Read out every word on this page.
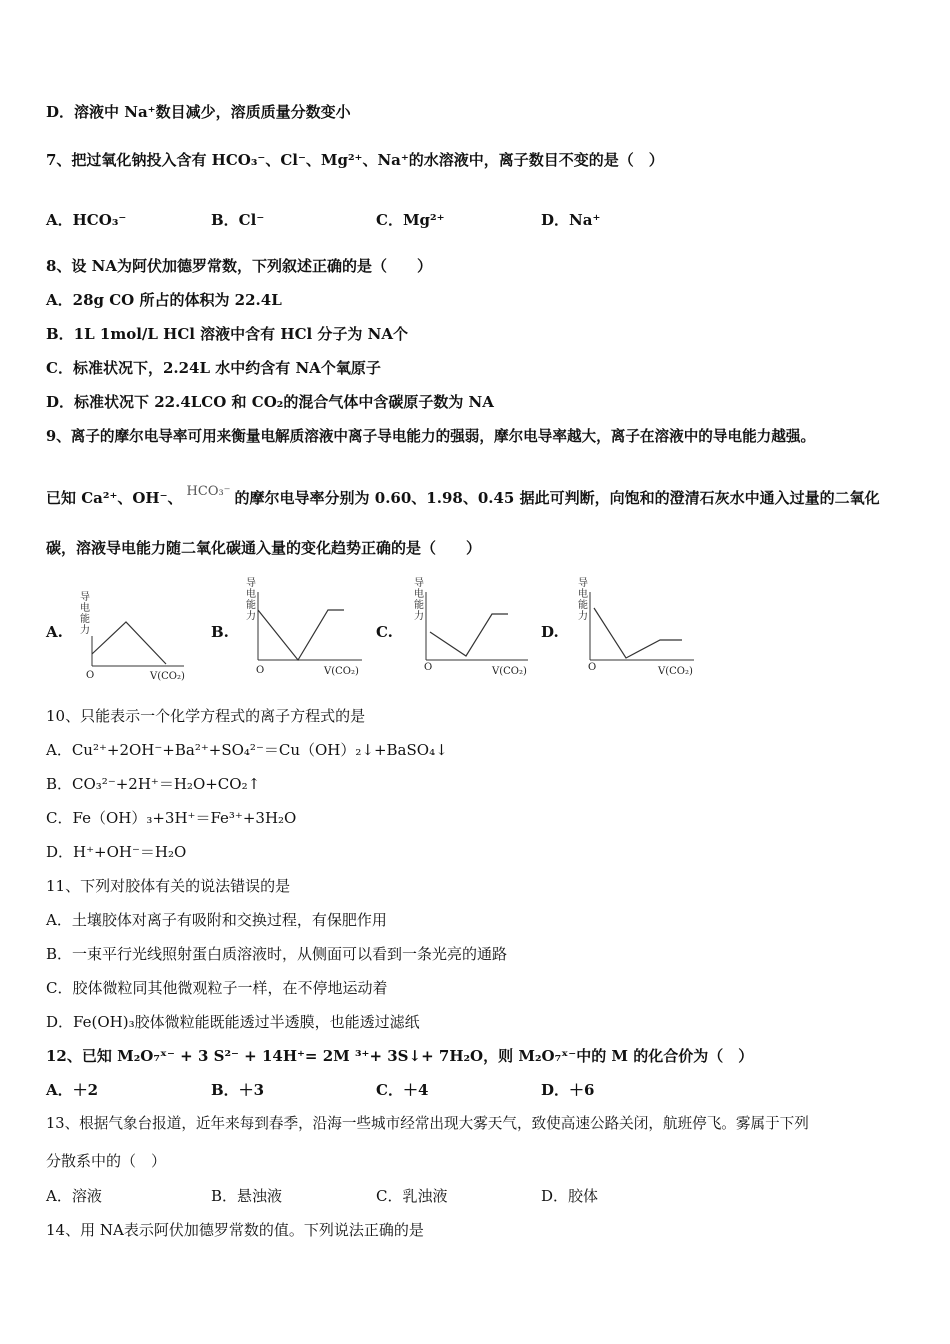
D．溶液中 Na⁺数目减少，溶质质量分数变小
7、把过氧化钠投入含有 HCO₃⁻、Cl⁻、Mg²⁺、Na⁺的水溶液中，离子数目不变的是（　）
A．HCO₃⁻	B．Cl⁻	C．Mg²⁺	D．Na⁺
8、设 NA为阿伏加德罗常数，下列叙述正确的是（　　）
A．28g CO 所占的体积为 22.4L
B．1L 1mol/L HCl 溶液中含有 HCl 分子为 NA个
C．标准状况下，2.24L 水中约含有 NA个氧原子
D．标准状况下 22.4LCO 和 CO₂的混合气体中含碳原子数为 NA
9、离子的摩尔电导率可用来衡量电解质溶液中离子导电能力的强弱，摩尔电导率越大，离子在溶液中的导电能力越强。
已知 Ca²⁺、OH⁻、 HCO₃⁻ 的摩尔电导率分别为 0.60、1.98、0.45 据此可判断，向饱和的澄清石灰水中通入过量的二氧化
碳，溶液导电能力随二氧化碳通入量的变化趋势正确的是（　　）
A.	B.	C.	D.
导
电
能
力
O	V(CO₂)
导
电
能
力
O	V(CO₂)
导
电
能
力
O	V(CO₂)
导
电
能
力
O	V(CO₂)
10、只能表示一个化学方程式的离子方程式的是
A．Cu²⁺+2OH⁻+Ba²⁺+SO₄²⁻＝Cu（OH）₂↓+BaSO₄↓
B．CO₃²⁻+2H⁺＝H₂O+CO₂↑
C．Fe（OH）₃+3H⁺＝Fe³⁺+3H₂O
D．H⁺+OH⁻＝H₂O
11、下列对胶体有关的说法错误的是
A．土壤胶体对离子有吸附和交换过程，有保肥作用
B．一束平行光线照射蛋白质溶液时，从侧面可以看到一条光亮的通路
C．胶体微粒同其他微观粒子一样，在不停地运动着
D．Fe(OH)₃胶体微粒能既能透过半透膜，也能透过滤纸
12、已知 M₂O₇ˣ⁻ + 3 S²⁻ + 14H⁺= 2M ³⁺+ 3S↓+ 7H₂O，则 M₂O₇ˣ⁻中的 M 的化合价为（　）
A．＋2	B．＋3	C．＋4	D．＋6
13、根据气象台报道，近年来每到春季，沿海一些城市经常出现大雾天气，致使高速公路关闭，航班停飞。雾属于下列
分散系中的（　）
A．溶液	B．悬浊液	C．乳浊液	D．胶体
14、用 NA表示阿伏加德罗常数的值。下列说法正确的是
